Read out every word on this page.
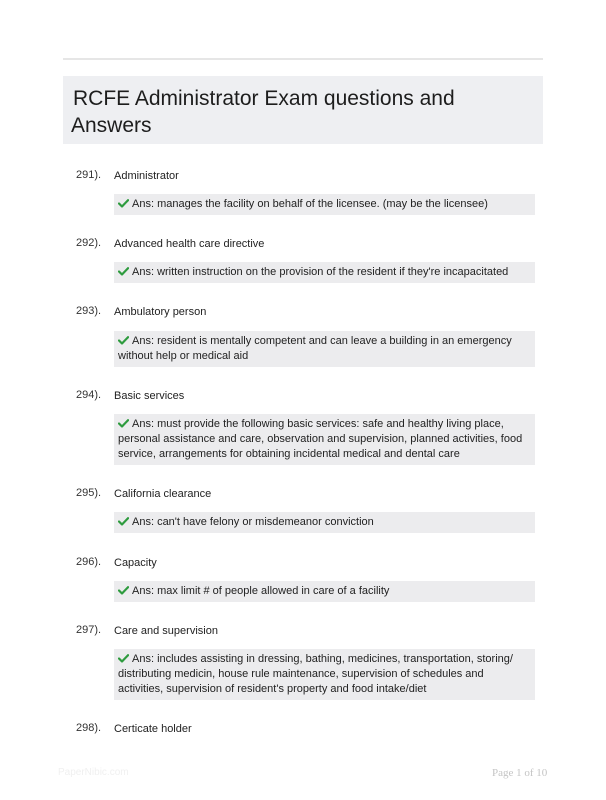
RCFE Administrator Exam questions and
Answers
291). Administrator
Ans: manages the facility on behalf of the licensee. (may be the licensee)
292). Advanced health care directive
Ans: written instruction on the provision of the resident if they're incapacitated
293). Ambulatory person
Ans: resident is mentally competent and can leave a building in an emergency without help or medical aid
294). Basic services
Ans: must provide the following basic services: safe and healthy living place, personal assistance and care, observation and supervision, planned activities, food service, arrangements for obtaining incidental medical and dental care
295). California clearance
Ans: can't have felony or misdemeanor conviction
296). Capacity
Ans: max limit # of people allowed in care of a facility
297). Care and supervision
Ans: includes assisting in dressing, bathing, medicines, transportation, storing/ distributing medicin, house rule maintenance, supervision of schedules and activities, supervision of resident's property and food intake/diet
298). Certicate holder
PaperNibic.com	Page 1 of 10
